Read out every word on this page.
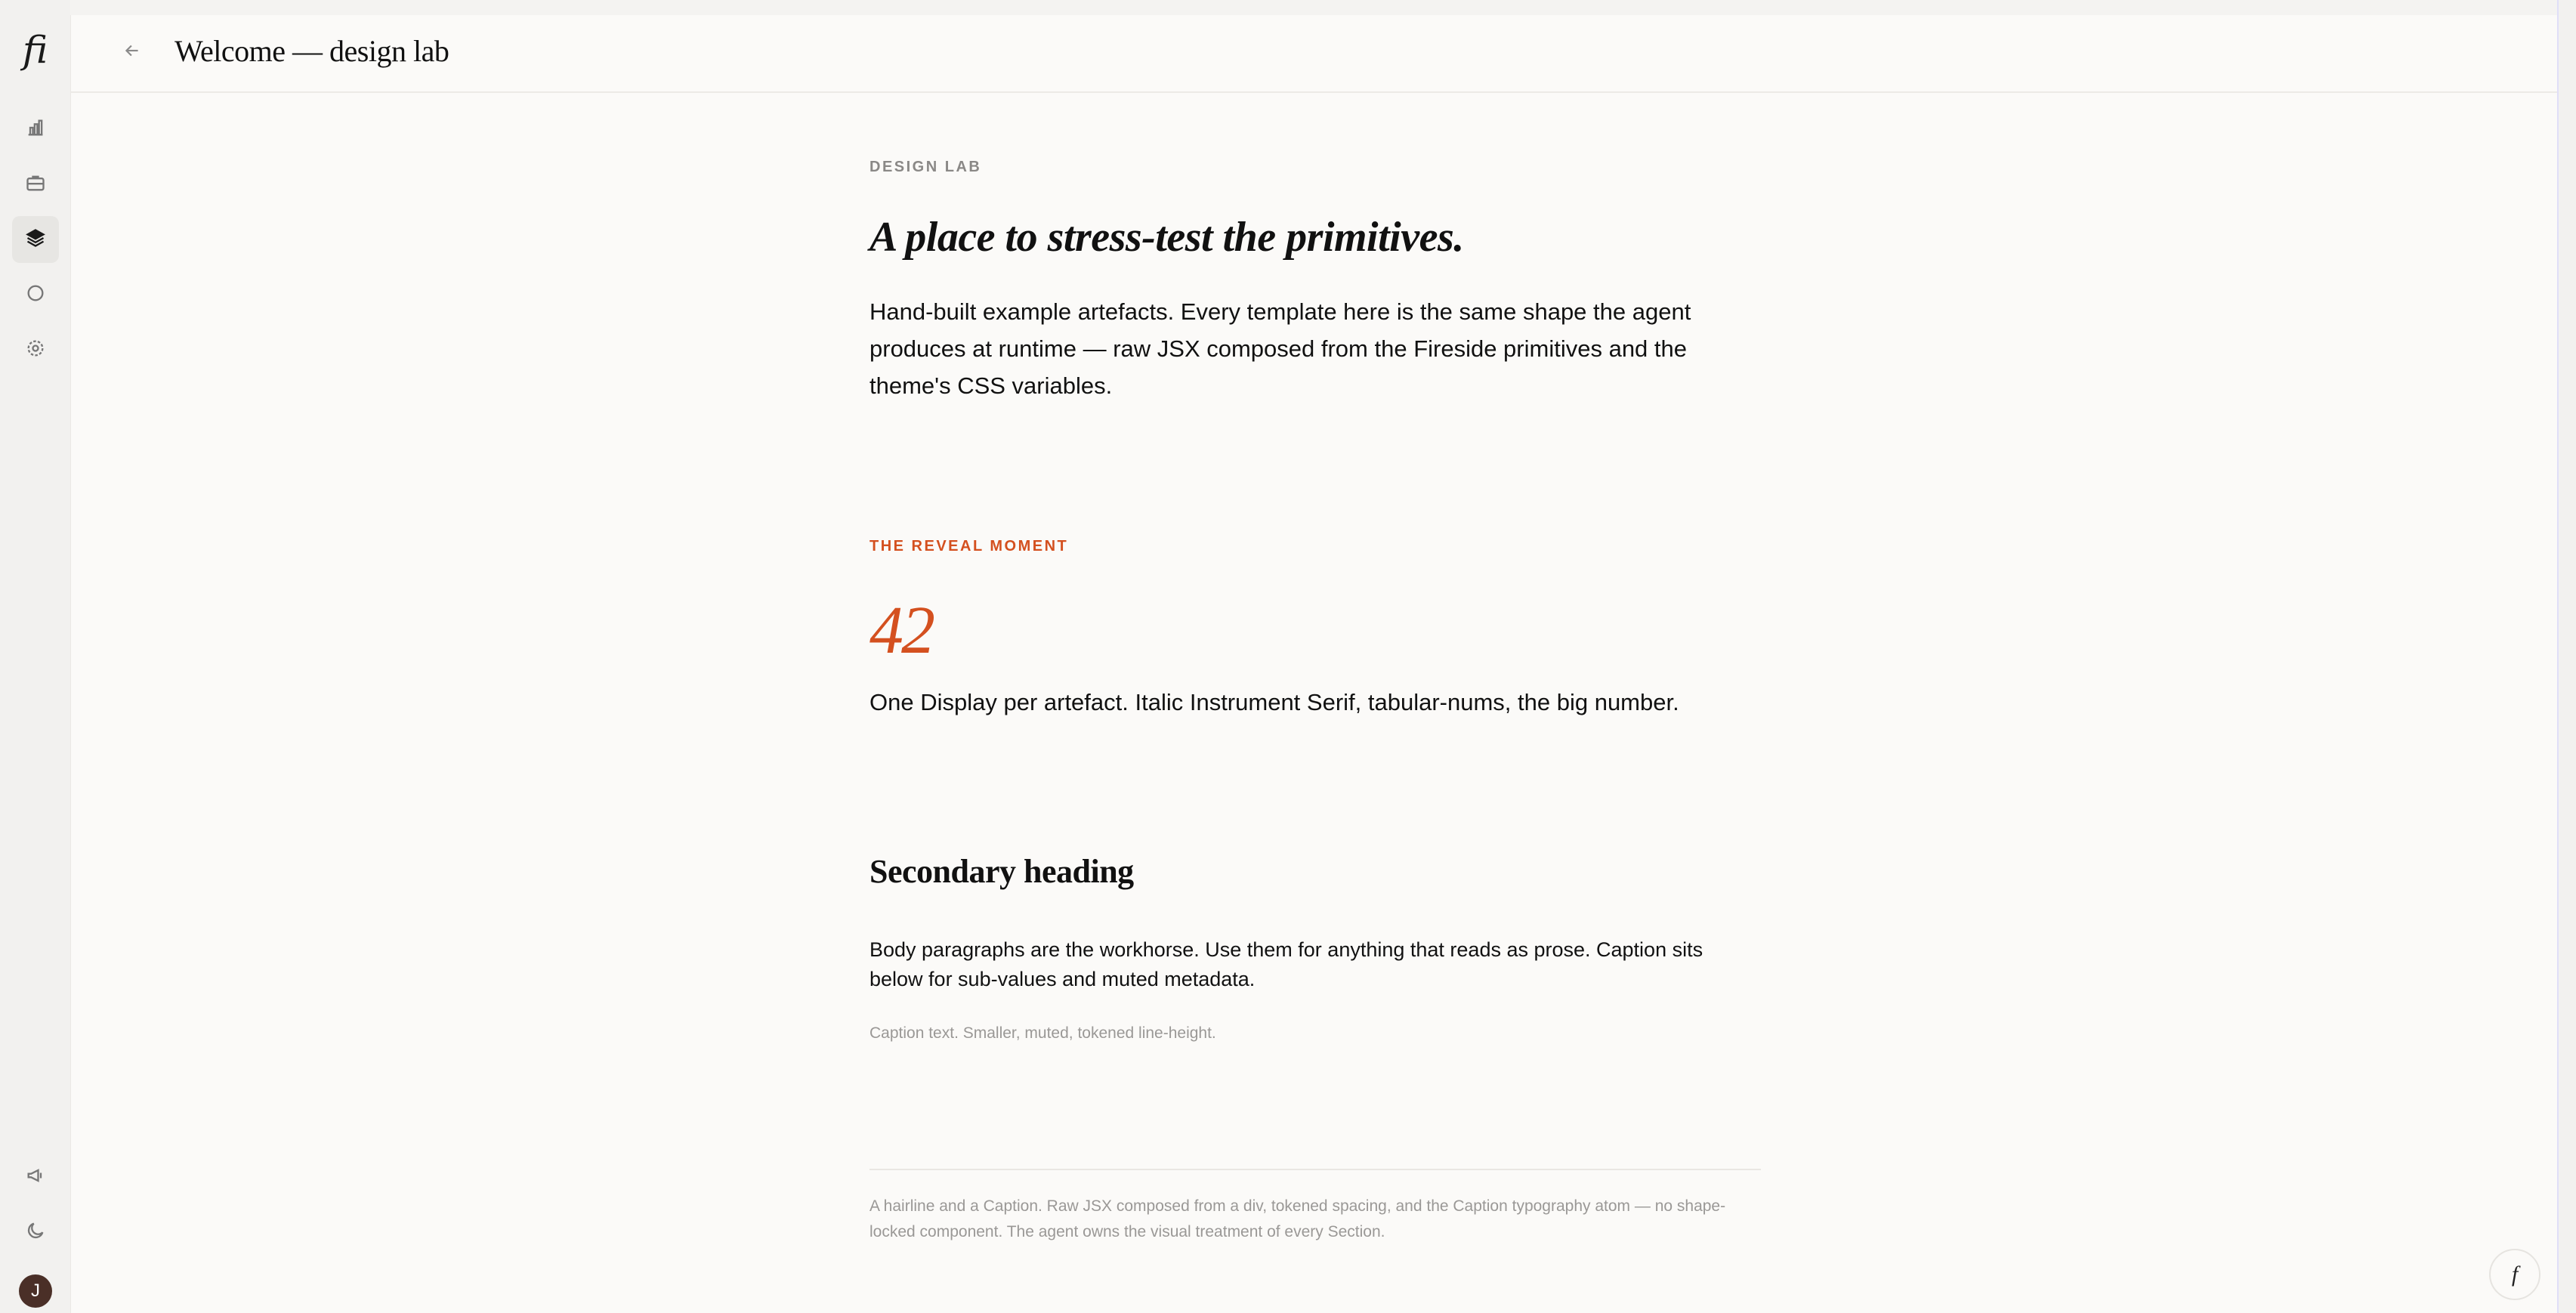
fi
J
Welcome — design lab
DESIGN LAB
A place to stress-test the primitives.

Hand-built example artefacts. Every template here is the same shape the agent produces at runtime — raw JSX composed from the Fireside primitives and the theme's CSS variables.

THE REVEAL MOMENT
42

One Display per artefact. Italic Instrument Serif, tabular-nums, the big number.

Secondary heading

Body paragraphs are the workhorse. Use them for anything that reads as prose. Caption sits below for sub-values and muted metadata.

Caption text. Smaller, muted, tokened line-height.

A hairline and a Caption. Raw JSX composed from a div, tokened spacing, and the Caption typography atom — no shape-locked component. The agent owns the visual treatment of every Section.

f
